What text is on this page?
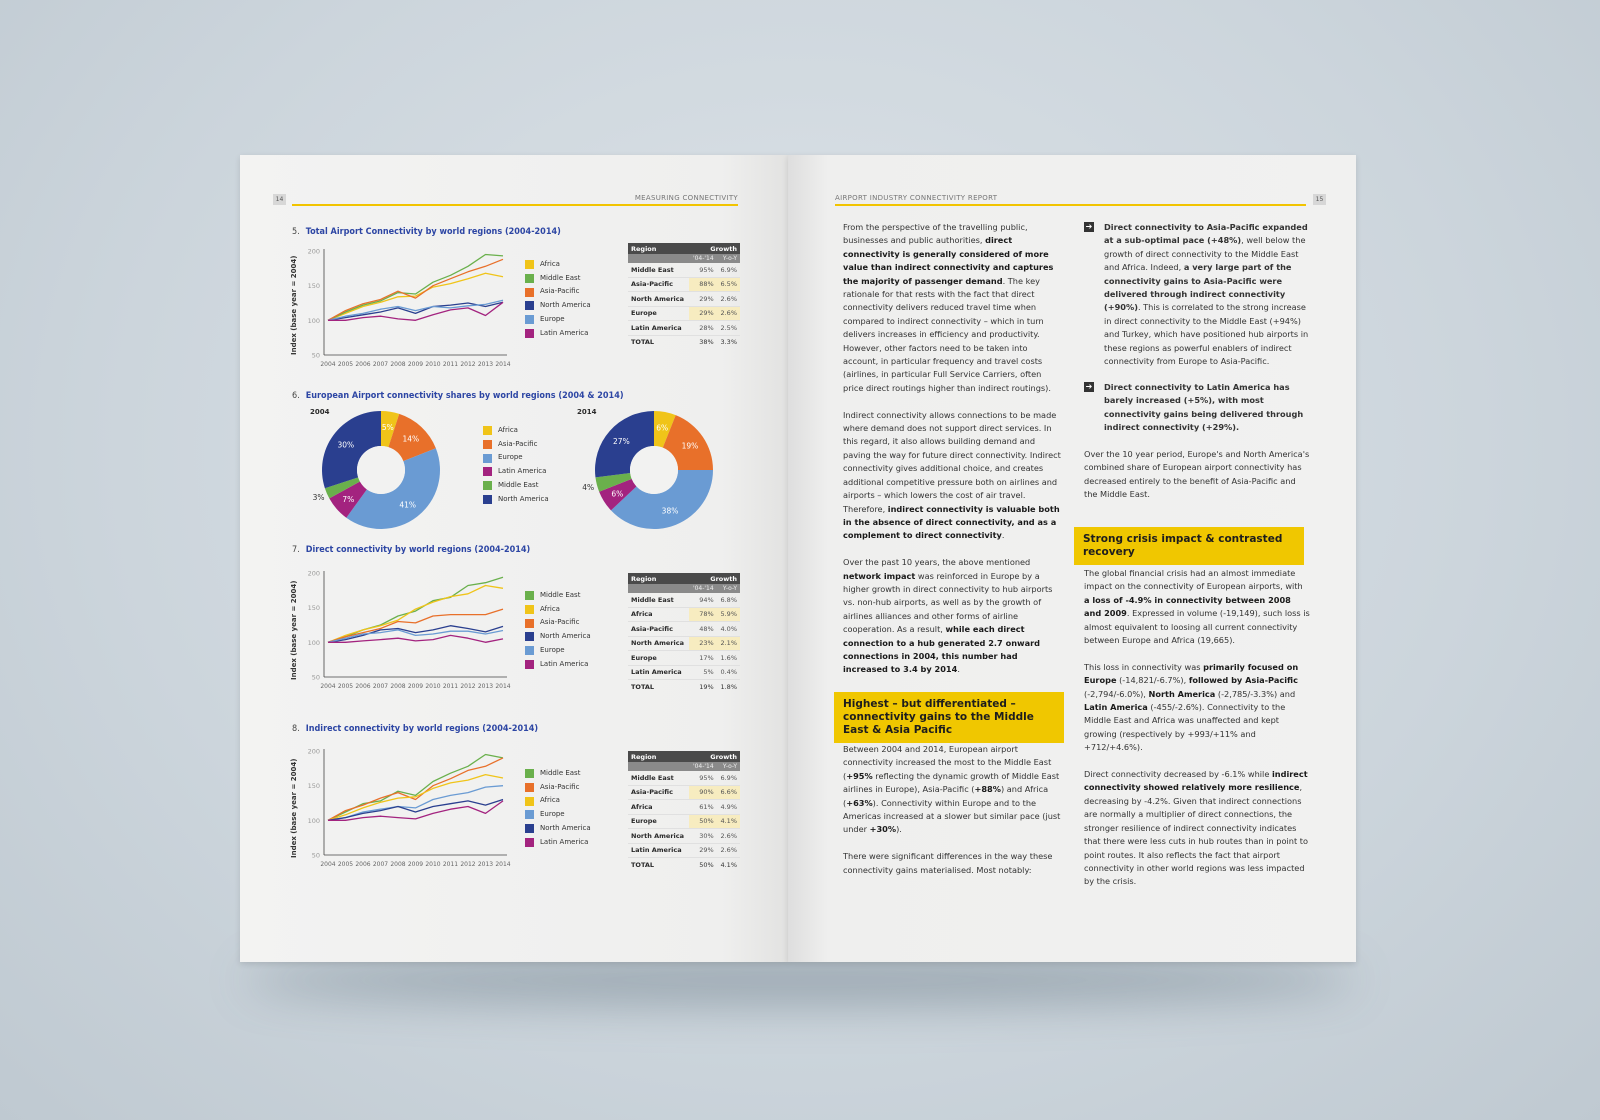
14	MEASURING CONNECTIVITY
5. Total Airport Connectivity by world regions (2004-2014)
Index (base year = 2004)
50
100
150
200
2004 2005 2006 2007 2008 2009 2010 2011 2012 2013 2014
Africa
Middle East
Asia-Pacific
North America
Europe
Latin America
Region	Growth	
	'04-'14	Y-o-Y
Middle East	95%	6.9%
Asia-Pacific	88%	6.5%
North America	29%	2.6%
Europe	29%	2.6%
Latin America	28%	2.5%
TOTAL	38%	3.3%
6. European Airport connectivity shares by world regions (2004 & 2014)
2004
5%
14%
41%
7%
3%
30%
Africa
Asia-Pacific
Europe
Latin America
Middle East
North America
2014
6%
19%
38%
6%
4%
27%
7. Direct connectivity by world regions (2004-2014)
Index (base year = 2004) 50
100
150
200
2004 2005 2006 2007 2008 2009 2010 2011 2012 2013 2014
Middle East
Africa
Asia-Pacific
North America
Europe
Latin America
Region	Growth	
	'04-'14	Y-o-Y
Middle East	94%	6.8%
Africa	78%	5.9%
Asia-Pacific	48%	4.0%
North America	23%	2.1%
Europe	17%	1.6%
Latin America	5%	0.4%
TOTAL	19%	1.8%
8. Indirect connectivity by world regions (2004-2014)
Index (base year = 2004) 50
100
150
200
2004 2005 2006 2007 2008 2009 2010 2011 2012 2013 2014
Middle East
Asia-Pacific
Africa
Europe
North America
Latin America
Region	Growth	
	'04-'14	Y-o-Y
Middle East	95%	6.9%
Asia-Pacific	90%	6.6%
Africa	61%	4.9%
Europe	50%	4.1%
North America	30%	2.6%
Latin America	29%	2.6%
TOTAL	50%	4.1%
AIRPORT INDUSTRY CONNECTIVITY REPORT	15

From the perspective of the travelling public, businesses and public authorities, direct connectivity is generally considered of more value than indirect connectivity and captures the majority of passenger demand. The key rationale for that rests with the fact that direct connectivity delivers reduced travel time when compared to indirect connectivity – which in turn delivers increases in efficiency and productivity. However, other factors need to be taken into account, in particular frequency and travel costs (airlines, in particular Full Service Carriers, often price direct routings higher than indirect routings).

Indirect connectivity allows connections to be made where demand does not support direct services. In this regard, it also allows building demand and paving the way for future direct connectivity. Indirect connectivity gives additional choice, and creates additional competitive pressure both on airlines and airports – which lowers the cost of air travel. Therefore, indirect connectivity is valuable both in the absence of direct connectivity, and as a complement to direct connectivity.

Over the past 10 years, the above mentioned network impact was reinforced in Europe by a higher growth in direct connectivity to hub airports vs. non-hub airports, as well as by the growth of airlines alliances and other forms of airline cooperation. As a result, while each direct connection to a hub generated 2.7 onward connections in 2004, this number had increased to 3.4 by 2014.

Highest – but differentiated – connectivity gains to the Middle East & Asia Pacific

Between 2004 and 2014, European airport connectivity increased the most to the Middle East (+95% reflecting the dynamic growth of Middle East airlines in Europe), Asia-Pacific (+88%) and Africa (+63%). Connectivity within Europe and to the Americas increased at a slower but similar pace (just under +30%).

There were significant differences in the way these connectivity gains materialised. Most notably:

➔ Direct connectivity to Asia-Pacific expanded at a sub-optimal pace (+48%), well below the growth of direct connectivity to the Middle East and Africa. Indeed, a very large part of the connectivity gains to Asia-Pacific were delivered through indirect connectivity (+90%). This is correlated to the strong increase in direct connectivity to the Middle East (+94%) and Turkey, which have positioned hub airports in these regions as powerful enablers of indirect connectivity from Europe to Asia-Pacific.
➔ Direct connectivity to Latin America has barely increased (+5%), with most connectivity gains being delivered through indirect connectivity (+29%).

Over the 10 year period, Europe's and North America's combined share of European airport connectivity has decreased entirely to the benefit of Asia-Pacific and the Middle East.

Strong crisis impact & contrasted recovery

The global financial crisis had an almost immediate impact on the connectivity of European airports, with a loss of -4.9% in connectivity between 2008 and 2009. Expressed in volume (-19,149), such loss is almost equivalent to loosing all current connectivity between Europe and Africa (19,665).

This loss in connectivity was primarily focused on Europe (-14,821/-6.7%), followed by Asia-Pacific (-2,794/-6.0%), North America (-2,785/-3.3%) and Latin America (-455/-2.6%). Connectivity to the Middle East and Africa was unaffected and kept growing (respectively by +993/+11% and +712/+4.6%).

Direct connectivity decreased by -6.1% while indirect connectivity showed relatively more resilience, decreasing by -4.2%. Given that indirect connections are normally a multiplier of direct connections, the stronger resilience of indirect connectivity indicates that there were less cuts in hub routes than in point to point routes. It also reflects the fact that airport connectivity in other world regions was less impacted by the crisis.
